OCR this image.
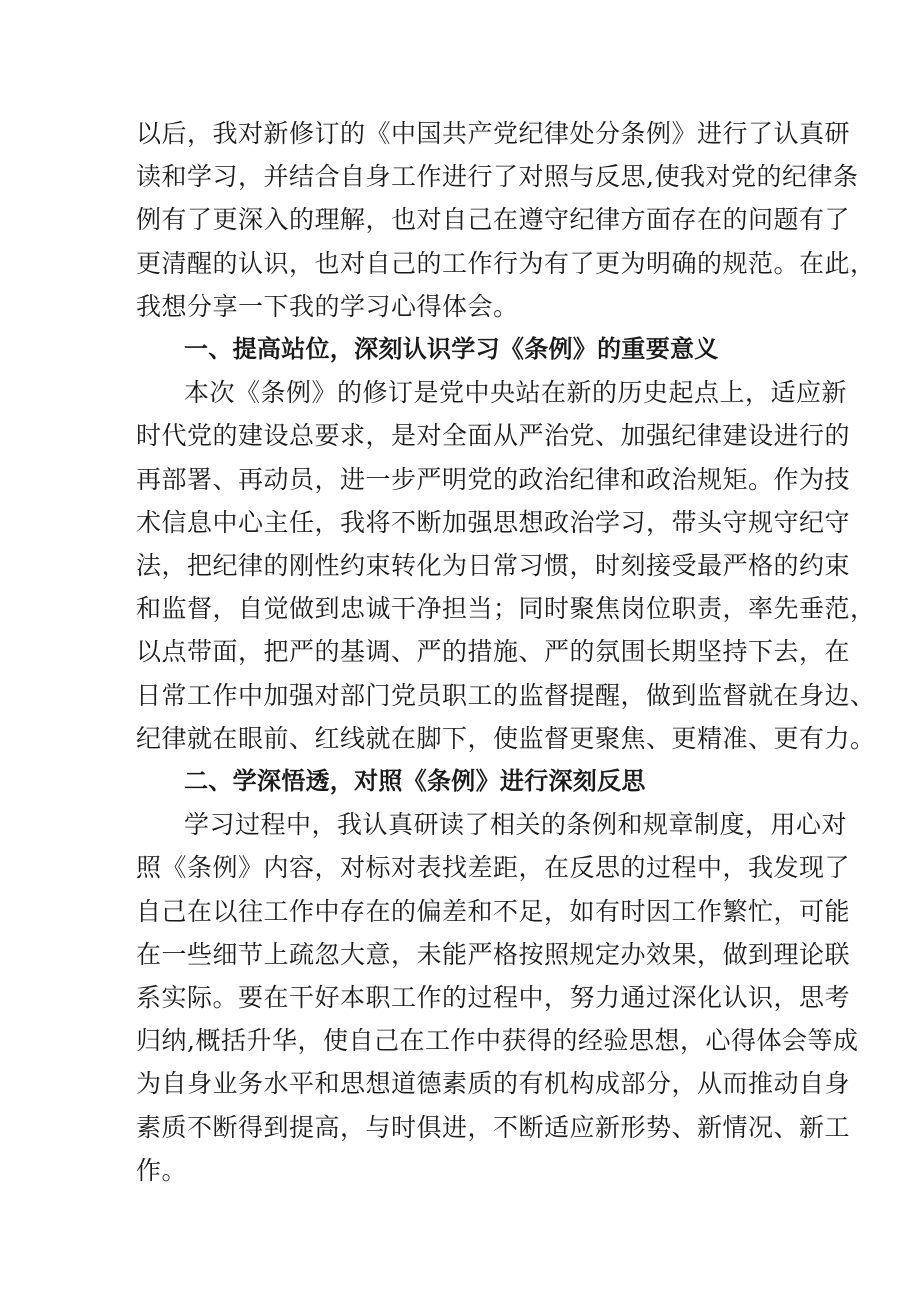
以后，我对新修订的《中国共产党纪律处分条例》进行了认真研
读和学习，并结合自身工作进行了对照与反思,使我对党的纪律条
例有了更深入的理解，也对自己在遵守纪律方面存在的问题有了
更清醒的认识，也对自己的工作行为有了更为明确的规范。在此，
我想分享一下我的学习心得体会。
一、提高站位，深刻认识学习《条例》的重要意义
本次《条例》的修订是党中央站在新的历史起点上，适应新
时代党的建设总要求，是对全面从严治党、加强纪律建设进行的
再部署、再动员，进一步严明党的政治纪律和政治规矩。作为技
术信息中心主任，我将不断加强思想政治学习，带头守规守纪守
法，把纪律的刚性约束转化为日常习惯，时刻接受最严格的约束
和监督，自觉做到忠诚干净担当；同时聚焦岗位职责，率先垂范，
以点带面，把严的基调、严的措施、严的氛围长期坚持下去，在
日常工作中加强对部门党员职工的监督提醒，做到监督就在身边、
纪律就在眼前、红线就在脚下，使监督更聚焦、更精准、更有力。
二、学深悟透，对照《条例》进行深刻反思
学习过程中，我认真研读了相关的条例和规章制度，用心对
照《条例》内容，对标对表找差距，在反思的过程中，我发现了
自己在以往工作中存在的偏差和不足，如有时因工作繁忙，可能
在一些细节上疏忽大意，未能严格按照规定办效果，做到理论联
系实际。要在干好本职工作的过程中，努力通过深化认识，思考
归纳,概括升华，使自己在工作中获得的经验思想，心得体会等成
为自身业务水平和思想道德素质的有机构成部分，从而推动自身
素质不断得到提高，与时俱进，不断适应新形势、新情况、新工
作。
